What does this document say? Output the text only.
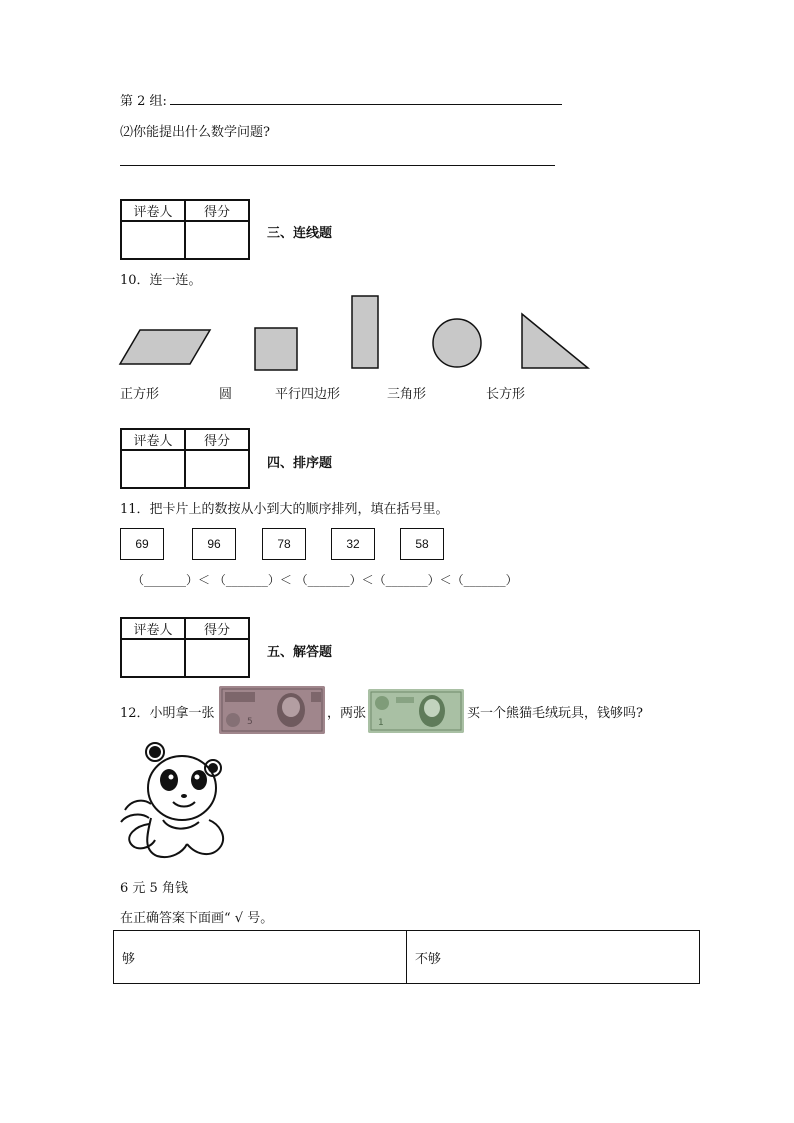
第 2 组:
⑵你能提出什么数学问题?
评卷人	得分

三、连线题
10．连一连。
正方形	圆	平行四边形	三角形	长方形
评卷人	得分

四、排序题
11．把卡片上的数按从小到大的顺序排列，填在括号里。
69	96	78	32	58
（_______）＜ （_______）＜ （_______）＜（_______）＜（_______）
评卷人	得分

五、解答题
12．小明拿一张
5
，两张
1
买一个熊猫毛绒玩具，钱够吗?
6 元 5 角钱
在正确答案下面画“ √ 号。
够	不够
